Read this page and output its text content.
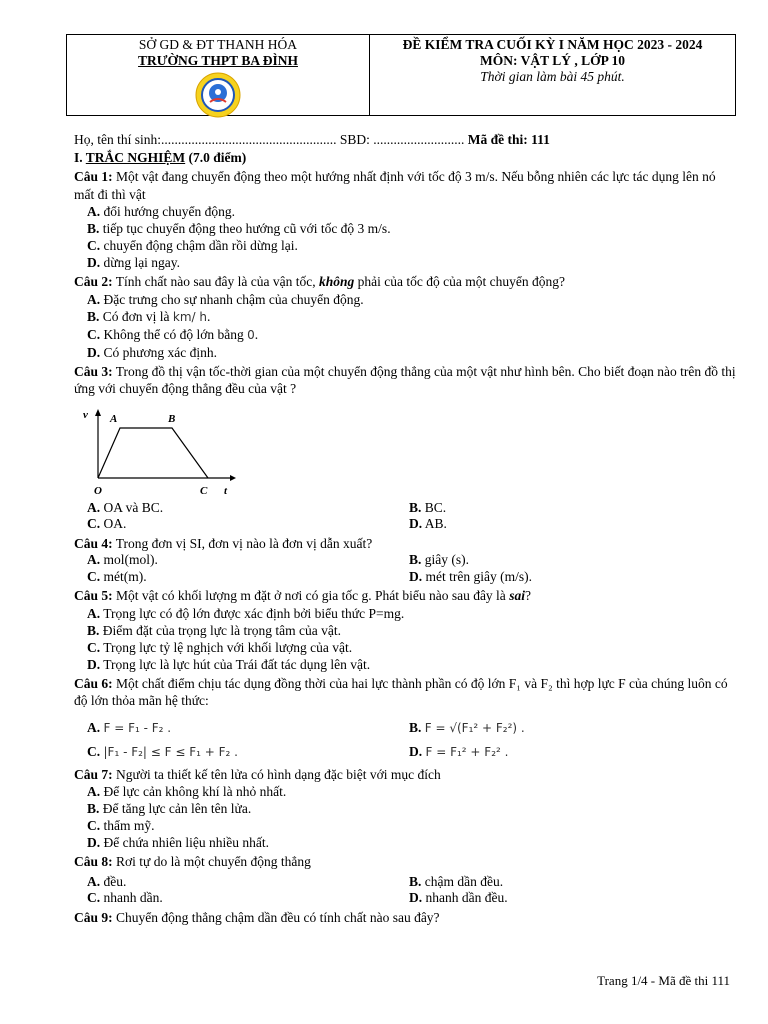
SỞ GD & ĐT THANH HÓA
TRƯỜNG THPT BA ĐÌNH
ĐỀ KIỂM TRA CUỐI KỲ I NĂM HỌC 2023 - 2024
MÔN: VẬT LÝ , LỚP 10
Thời gian làm bài 45 phút.
Họ, tên thí sinh:.................................................... SBD: ........................... Mã đề thi: 111
I. TRẮC NGHIỆM (7.0 điểm)
Câu 1: Một vật đang chuyển động theo một hướng nhất định với tốc độ 3 m/s. Nếu bỗng nhiên các lực tác dụng lên nó mất đi thì vật
A. đổi hướng chuyển động.
B. tiếp tục chuyển động theo hướng cũ với tốc độ 3 m/s.
C. chuyển động chậm dần rồi dừng lại.
D. dừng lại ngay.
Câu 2: Tính chất nào sau đây là của vận tốc, không phải của tốc độ của một chuyển động?
A. Đặc trưng cho sự nhanh chậm của chuyển động.
B. Có đơn vị là km/ h.
C. Không thể có độ lớn bằng 0.
D. Có phương xác định.
Câu 3: Trong đồ thị vận tốc-thời gian của một chuyển động thẳng của một vật như hình bên. Cho biết đoạn nào trên đồ thị ứng với chuyển động thẳng đều của vật ?
v A	B
O	C t
A. OA và BC.	B. BC.
C. OA.	D. AB.
Câu 4: Trong đơn vị SI, đơn vị nào là đơn vị dẫn xuất?
A. mol(mol).	B. giây (s).
C. mét(m).	D. mét trên giây (m/s).
Câu 5: Một vật có khối lượng m đặt ở nơi có gia tốc g. Phát biểu nào sau đây là sai?
A. Trọng lực có độ lớn được xác định bởi biểu thức P=mg.
B. Điểm đặt của trọng lực là trọng tâm của vật.
C. Trọng lực tỷ lệ nghịch với khối lượng của vật.
D. Trọng lực là lực hút của Trái đất tác dụng lên vật.
Câu 6: Một chất điểm chịu tác dụng đồng thời của hai lực thành phần có độ lớn F₁ và F₂ thì hợp lực F của chúng luôn có độ lớn thỏa mãn hệ thức:
A. F = F₁ - F₂ .	B. F = √(F₁² + F₂²) .
C. |F₁ - F₂| ≤ F ≤ F₁ + F₂ .	D. F = F₁² + F₂² .
Câu 7: Người ta thiết kế tên lửa có hình dạng đặc biệt với mục đích
A. Để lực cản không khí là nhỏ nhất.
B. Để tăng lực cản lên tên lửa.
C. thẩm mỹ.
D. Để chứa nhiên liệu nhiều nhất.
Câu 8: Rơi tự do là một chuyển động thẳng
A. đều.	B. chậm dần đều.
C. nhanh dần.	D. nhanh dần đều.
Câu 9: Chuyển động thẳng chậm dần đều có tính chất nào sau đây?
Trang 1/4 - Mã đề thi 111
